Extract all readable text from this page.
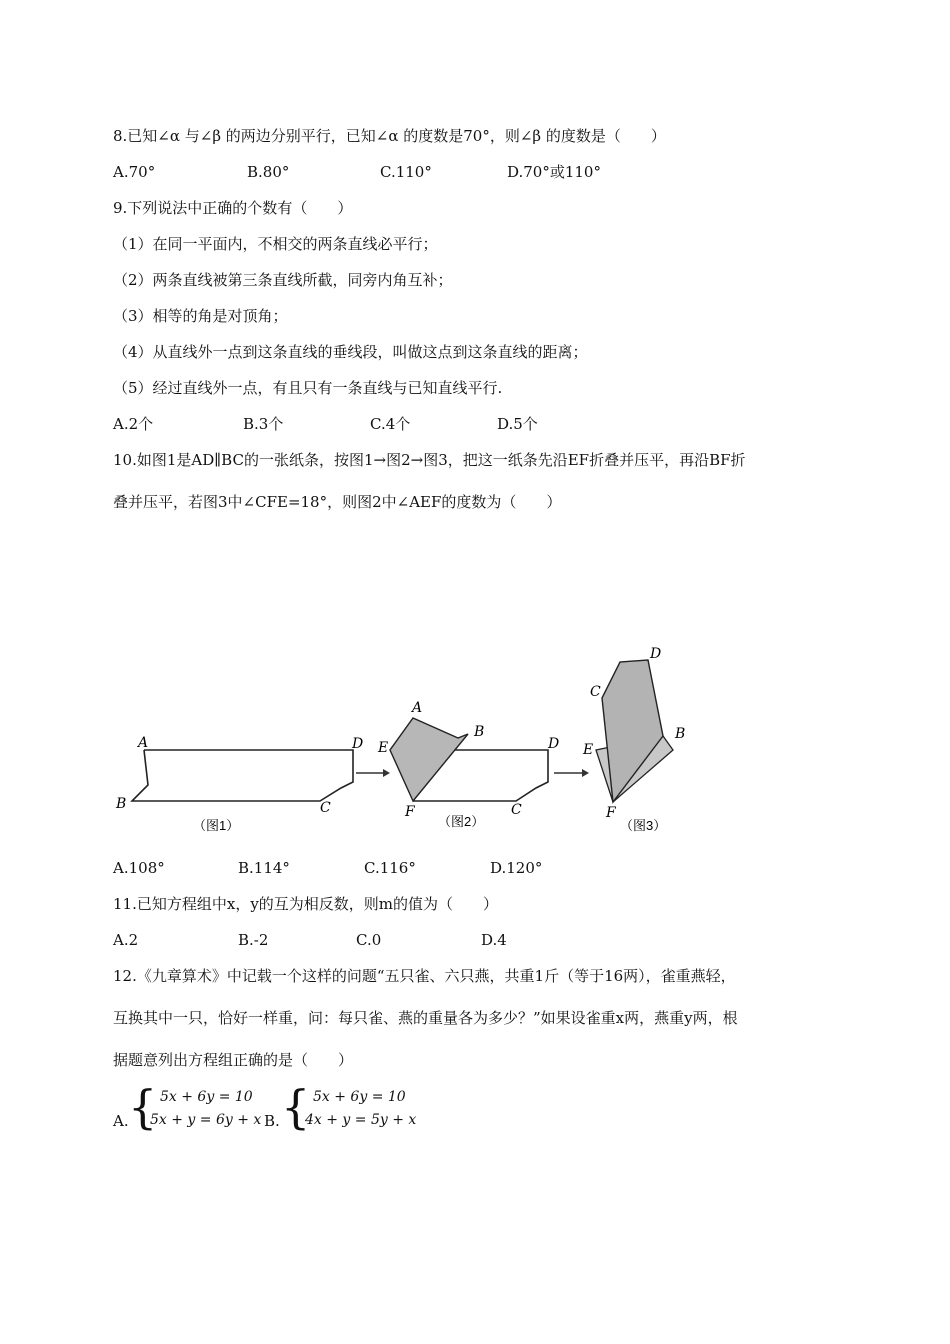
8.已知∠α 与∠β 的两边分别平行，已知∠α 的度数是70°，则∠β 的度数是（　　）
A.70°	B.80°	C.110°	D.70°或110°
9.下列说法中正确的个数有（　　）
（1）在同一平面内，不相交的两条直线必平行；
（2）两条直线被第三条直线所截，同旁内角互补；
（3）相等的角是对顶角；
（4）从直线外一点到这条直线的垂线段，叫做这点到这条直线的距离；
（5）经过直线外一点，有且只有一条直线与已知直线平行.
A.2个	B.3个	C.4个	D.5个
10.如图1是AD∥BC的一张纸条，按图1→图2→图3，把这一纸条先沿EF折叠并压平，再沿BF折
叠并压平，若图3中∠CFE=18°，则图2中∠AEF的度数为（　　）
A
B	C
D
（图1）
A
B
E
F	C
D
（图2）
C
D
E
B
F
（图3）
A.108°	B.114°	C.116°	D.120°
11.已知方程组中x，y的互为相反数，则m的值为（　　）
A.2	B.-2	C.0	D.4
12.《九章算术》中记载一个这样的问题“五只雀、六只燕，共重1斤（等于16两），雀重燕轻，
互换其中一只，恰好一样重，问：每只雀、燕的重量各为多少？”如果设雀重x两，燕重y两，根
据题意列出方程组正确的是（　　）
A. { 5x + 6y = 10
5x + y = 6y + x B. { 5x + 6y = 10
4x + y = 5y + x
